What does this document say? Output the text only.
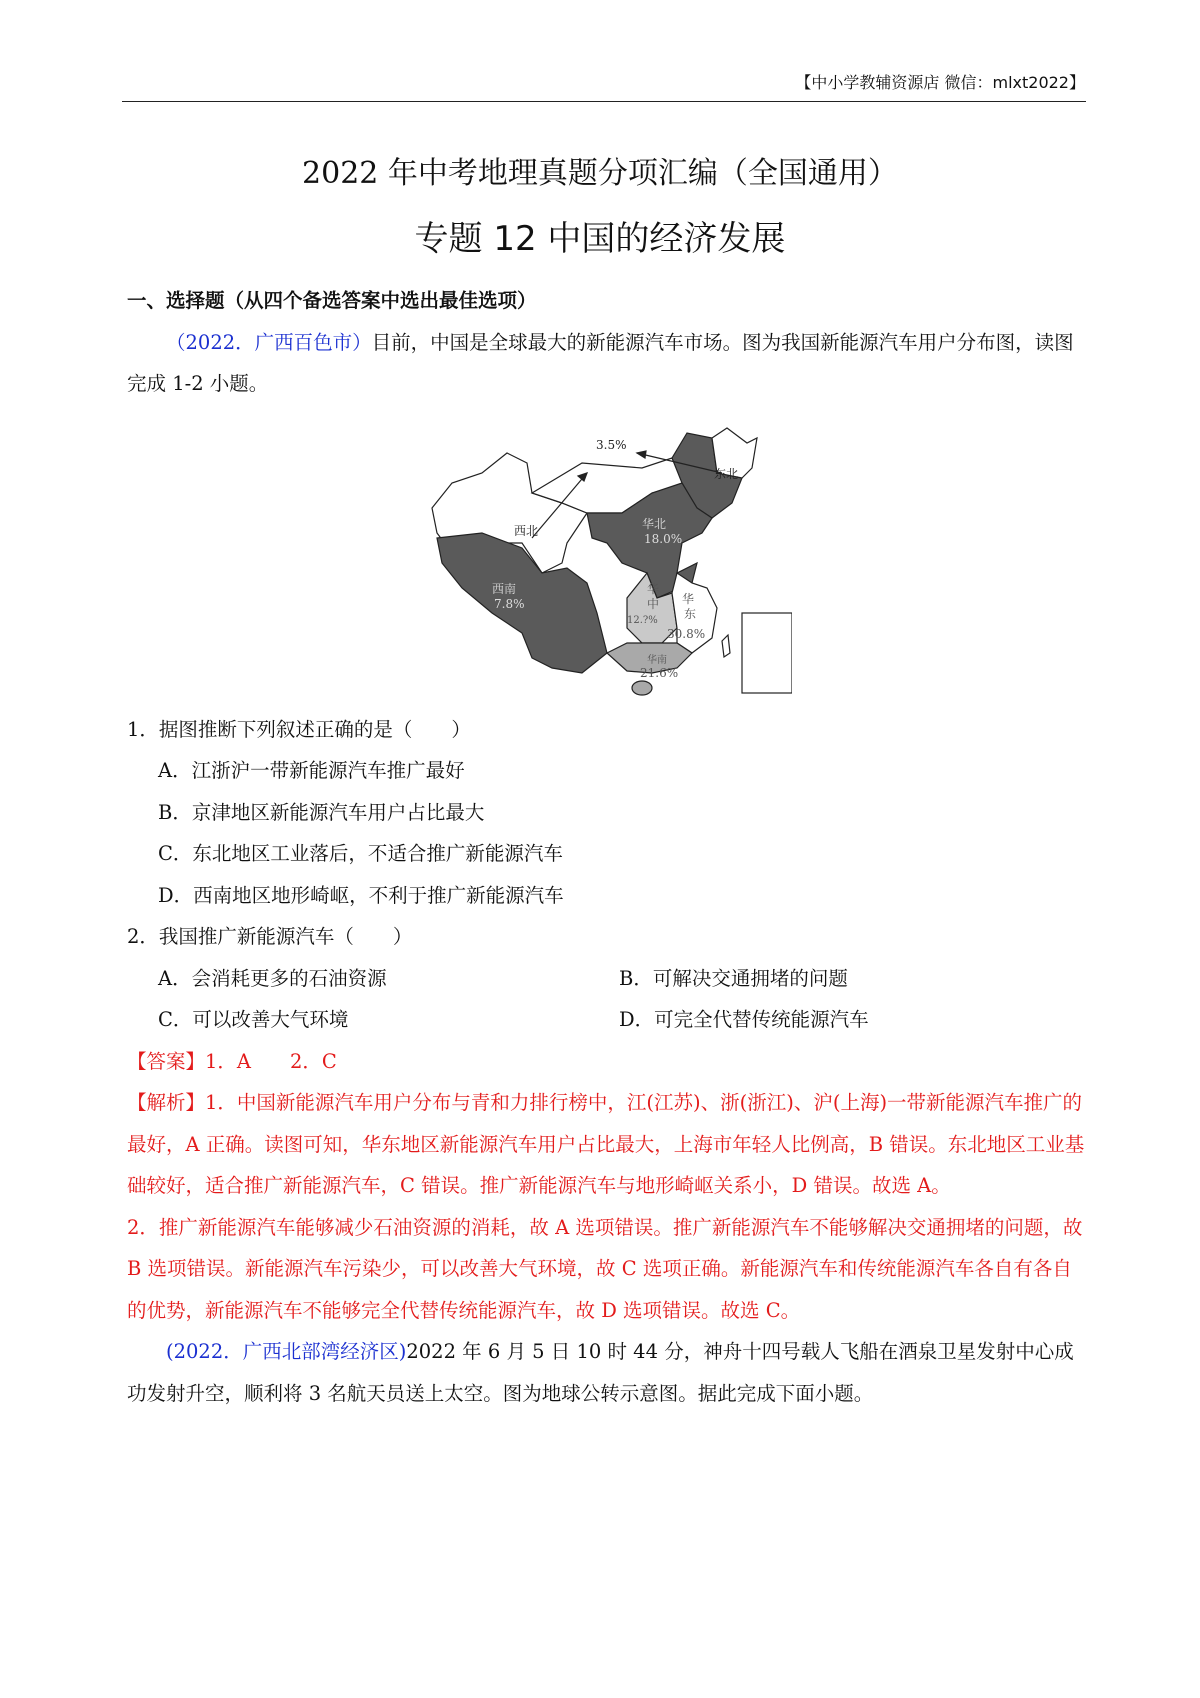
【中小学教辅资源店 微信：mlxt2022】
2022 年中考地理真题分项汇编（全国通用）
专题 12 中国的经济发展

一、选择题（从四个备选答案中选出最佳选项）

（2022．广西百色市）目前，中国是全球最大的新能源汽车市场。图为我国新能源汽车用户分布图，读图完成 1-2 小题。

3.5%
东北
西北	华北
18.0%
西南
7.8%
华
中
12.?%
华
东
30.8%
华南
21.6%

1．据图推断下列叙述正确的是（　　）

A．江浙沪一带新能源汽车推广最好

B．京津地区新能源汽车用户占比最大

C．东北地区工业落后，不适合推广新能源汽车

D．西南地区地形崎岖，不利于推广新能源汽车

2．我国推广新能源汽车（　　）

A．会消耗更多的石油资源	B．可解决交通拥堵的问题
C．可以改善大气环境	D．可完全代替传统能源汽车

【答案】1．A　　2．C

【解析】1．中国新能源汽车用户分布与青和力排行榜中，江(江苏)、浙(浙江)、沪(上海)一带新能源汽车推广的最好，A 正确。读图可知，华东地区新能源汽车用户占比最大，上海市年轻人比例高，B 错误。东北地区工业基础较好，适合推广新能源汽车，C 错误。推广新能源汽车与地形崎岖关系小，D 错误。故选 A。

2．推广新能源汽车能够减少石油资源的消耗，故 A 选项错误。推广新能源汽车不能够解决交通拥堵的问题，故 B 选项错误。新能源汽车污染少，可以改善大气环境，故 C 选项正确。新能源汽车和传统能源汽车各自有各自的优势，新能源汽车不能够完全代替传统能源汽车，故 D 选项错误。故选 C。

(2022．广西北部湾经济区)2022 年 6 月 5 日 10 时 44 分，神舟十四号载人飞船在酒泉卫星发射中心成功发射升空，顺利将 3 名航天员送上太空。图为地球公转示意图。据此完成下面小题。
